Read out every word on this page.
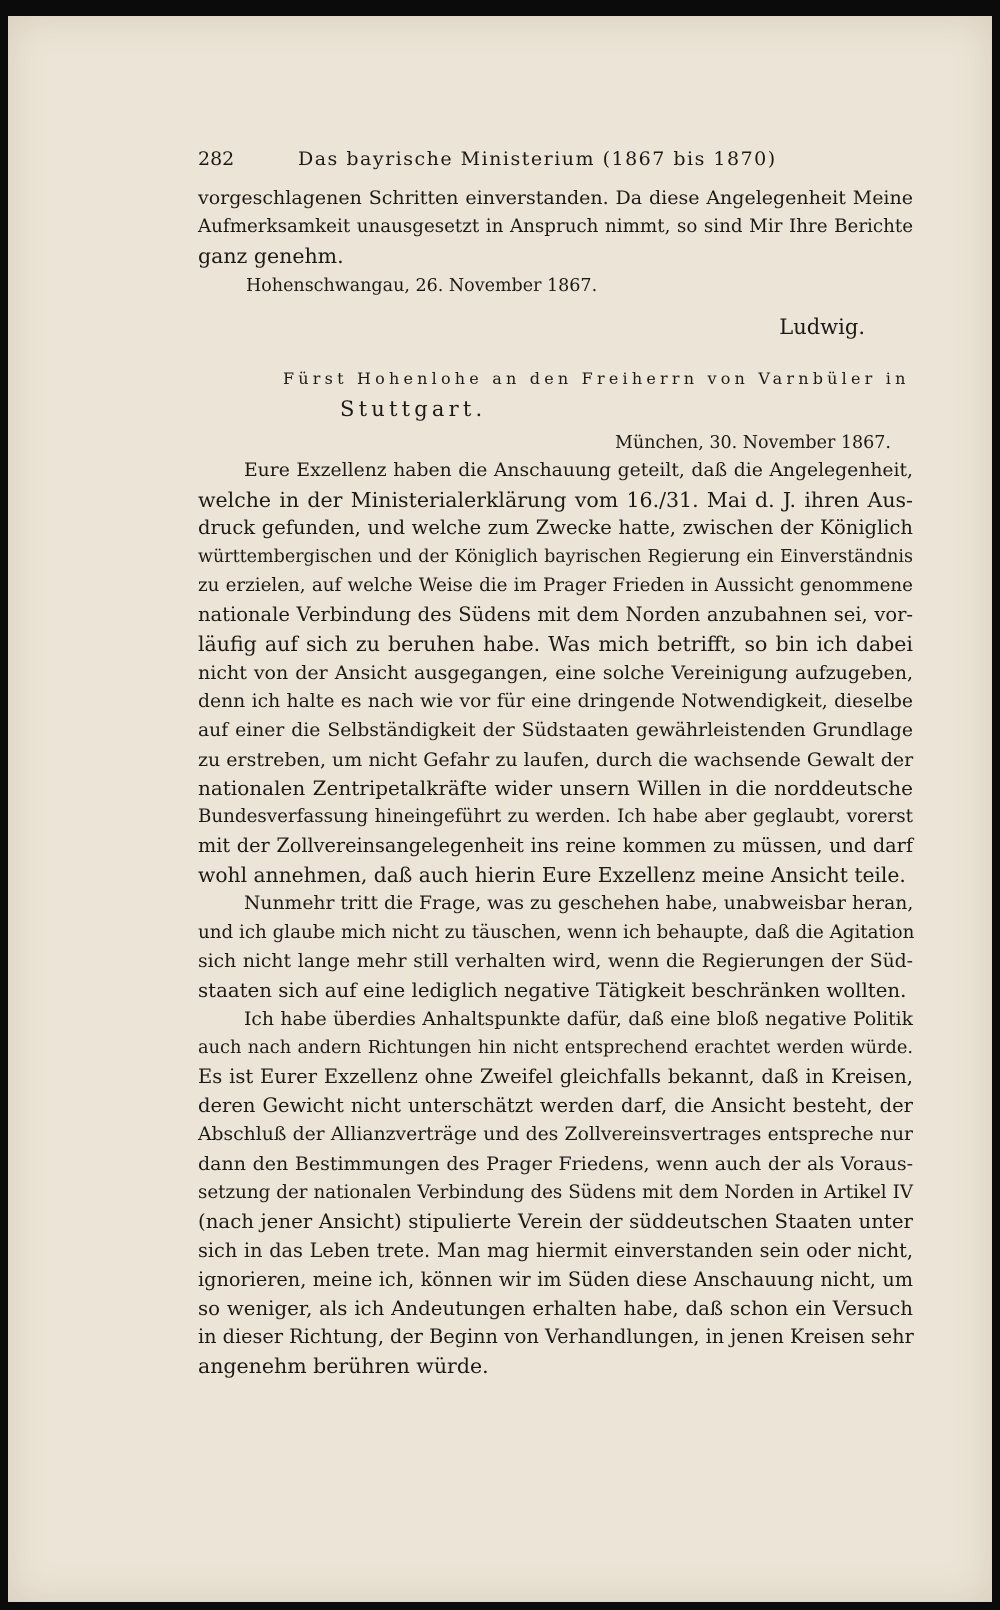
282	Das bayrische Ministerium (1867 bis 1870)
vorgeschlagenen Schritten einverstanden. Da diese Angelegenheit Meine
Aufmerksamkeit unausgesetzt in Anspruch nimmt, so sind Mir Ihre Berichte
ganz genehm.
Hohenschwangau, 26. November 1867.
Ludwig.
Fürst Hohenlohe an den Freiherrn von Varnbüler in
Stuttgart.
München, 30. November 1867.
Eure Exzellenz haben die Anschauung geteilt, daß die Angelegenheit,
welche in der Ministerialerklärung vom 16./31. Mai d. J. ihren Aus-
druck gefunden, und welche zum Zwecke hatte, zwischen der Königlich
württembergischen und der Königlich bayrischen Regierung ein Einverständnis
zu erzielen, auf welche Weise die im Prager Frieden in Aussicht genommene
nationale Verbindung des Südens mit dem Norden anzubahnen sei, vor-
läufig auf sich zu beruhen habe. Was mich betrifft, so bin ich dabei
nicht von der Ansicht ausgegangen, eine solche Vereinigung aufzugeben,
denn ich halte es nach wie vor für eine dringende Notwendigkeit, dieselbe
auf einer die Selbständigkeit der Südstaaten gewährleistenden Grundlage
zu erstreben, um nicht Gefahr zu laufen, durch die wachsende Gewalt der
nationalen Zentripetalkräfte wider unsern Willen in die norddeutsche
Bundesverfassung hineingeführt zu werden. Ich habe aber geglaubt, vorerst
mit der Zollvereinsangelegenheit ins reine kommen zu müssen, und darf
wohl annehmen, daß auch hierin Eure Exzellenz meine Ansicht teile.
Nunmehr tritt die Frage, was zu geschehen habe, unabweisbar heran,
und ich glaube mich nicht zu täuschen, wenn ich behaupte, daß die Agitation
sich nicht lange mehr still verhalten wird, wenn die Regierungen der Süd-
staaten sich auf eine lediglich negative Tätigkeit beschränken wollten.
Ich habe überdies Anhaltspunkte dafür, daß eine bloß negative Politik
auch nach andern Richtungen hin nicht entsprechend erachtet werden würde.
Es ist Eurer Exzellenz ohne Zweifel gleichfalls bekannt, daß in Kreisen,
deren Gewicht nicht unterschätzt werden darf, die Ansicht besteht, der
Abschluß der Allianzverträge und des Zollvereinsvertrages entspreche nur
dann den Bestimmungen des Prager Friedens, wenn auch der als Voraus-
setzung der nationalen Verbindung des Südens mit dem Norden in Artikel IV
(nach jener Ansicht) stipulierte Verein der süddeutschen Staaten unter
sich in das Leben trete. Man mag hiermit einverstanden sein oder nicht,
ignorieren, meine ich, können wir im Süden diese Anschauung nicht, um
so weniger, als ich Andeutungen erhalten habe, daß schon ein Versuch
in dieser Richtung, der Beginn von Verhandlungen, in jenen Kreisen sehr
angenehm berühren würde.
